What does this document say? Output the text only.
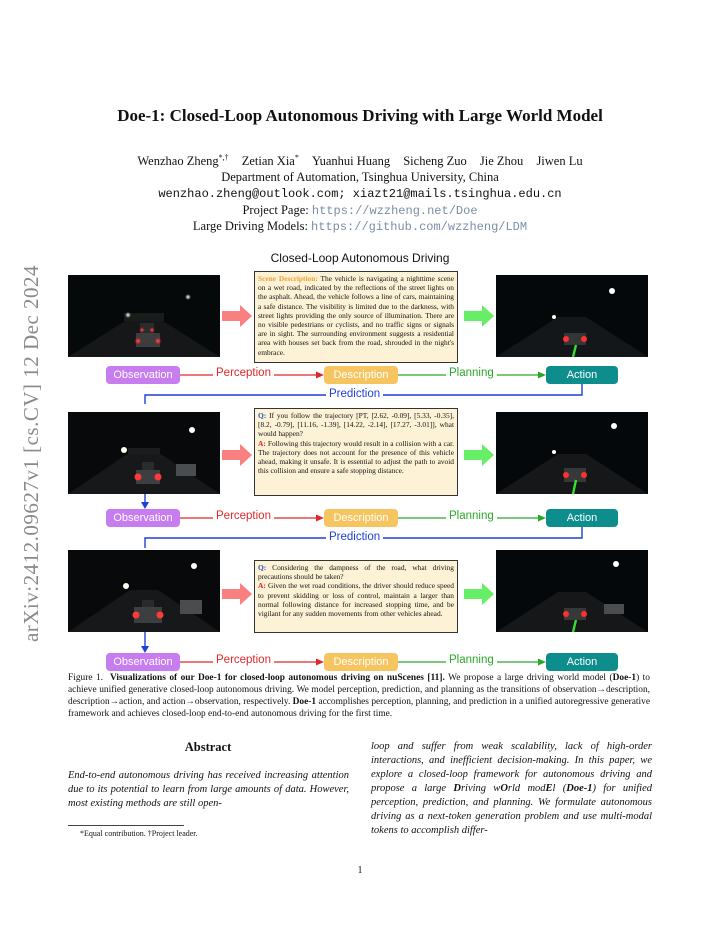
arXiv:2412.09627v1 [cs.CV] 12 Dec 2024
Doe-1: Closed-Loop Autonomous Driving with Large World Model
Wenzhao Zheng*,† Zetian Xia* Yuanhui Huang Sicheng Zuo Jie Zhou Jiwen Lu
Department of Automation, Tsinghua University, China
wenzhao.zheng@outlook.com; xiazt21@mails.tsinghua.edu.cn
Project Page: https://wzzheng.net/Doe
Large Driving Models: https://github.com/wzzheng/LDM
Closed-Loop Autonomous Driving
Scene Description: The vehicle is navigating a nighttime scene on a wet road, indicated by the reflections of the street lights on the asphalt. Ahead, the vehicle follows a line of cars, maintaining a safe distance. The visibility is limited due to the darkness, with street lights providing the only source of illumination. There are no visible pedestrians or cyclists, and no traffic signs or signals are in sight. The surrounding environment suggests a residential area with houses set back from the road, shrouded in the night's embrace.
Q: If you follow the trajectory [PT, [2.62, -0.09], [5.33, -0.35], [8.2, -0.79], [11.16, -1.39], [14.22, -2.14], [17.27, -3.01]], what would happen?
A: Following this trajectory would result in a collision with a car. The trajectory does not account for the presence of this vehicle ahead, making it unsafe. It is essential to adjust the path to avoid this collision and ensure a safe stopping distance.
Q: Considering the dampness of the road, what driving precautions should be taken?
A: Given the wet road conditions, the driver should reduce speed to prevent skidding or loss of control, maintain a larger than normal following distance for increased stopping time, and be vigilant for any sudden movements from other vehicles ahead.
Observation	Perception	Description	Planning	Action
Prediction
Observation	Perception	Description	Planning	Action
Prediction
Observation	Perception	Description	Planning	Action
Figure 1. Visualizations of our Doe-1 for closed-loop autonomous driving on nuScenes [11]. We propose a large driving world model (Doe-1) to achieve unified generative closed-loop autonomous driving. We model perception, prediction, and planning as the transitions of observation→description, description→action, and action→observation, respectively. Doe-1 accomplishes perception, planning, and prediction in a unified autoregressive generative framework and achieves closed-loop end-to-end autonomous driving for the first time.
Abstract
End-to-end autonomous driving has received increasing attention due to its potential to learn from large amounts of data. However, most existing methods are still open-
loop and suffer from weak scalability, lack of high-order interactions, and inefficient decision-making. In this paper, we explore a closed-loop framework for autonomous driving and propose a large Driving wOrld modEl (Doe-1) for unified perception, prediction, and planning. We formulate autonomous driving as a next-token generation problem and use multi-modal tokens to accomplish differ-
*Equal contribution. †Project leader.
1
